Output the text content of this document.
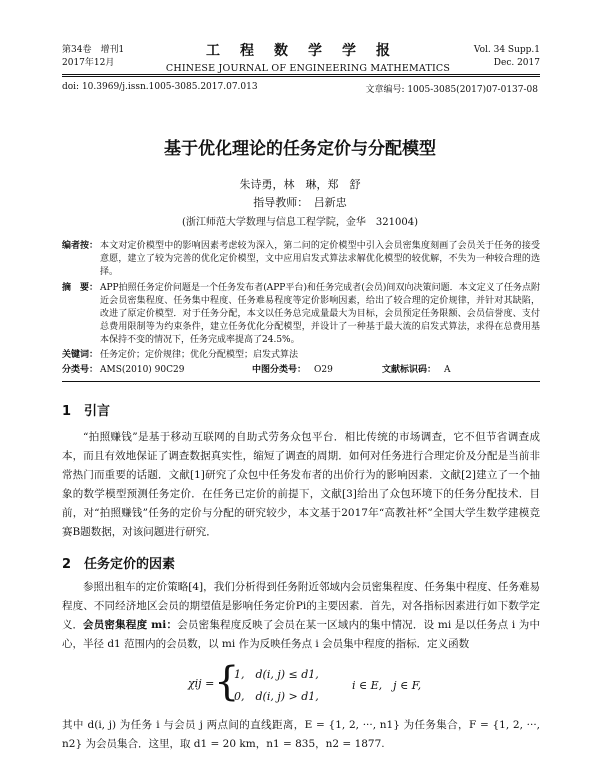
第34卷　增刊1
2017年12月
工程数学学报
CHINESE JOURNAL OF ENGINEERING MATHEMATICS
Vol. 34 Supp.1
Dec. 2017
doi: 10.3969/j.issn.1005-3085.2017.07.013	文章编号: 1005-3085(2017)07-0137-08
基于优化理论的任务定价与分配模型
朱诗勇，林　琳，郑　舒
指导教师：　吕新忠
(浙江师范大学数理与信息工程学院，金华　321004)
编者按： 本文对定价模型中的影响因素考虑较为深入，第二问的定价模型中引入会员密集度刻画了会员关于任务的接受意愿，建立了较为完善的优化定价模型，文中应用启发式算法求解优化模型的较优解，不失为一种较合理的选择。
摘　要： APP拍照任务定价问题是一个任务发布者(APP平台)和任务完成者(会员)间双向决策问题．本文定义了任务点附近会员密集程度、任务集中程度、任务难易程度等定价影响因素，给出了较合理的定价规律，并针对其缺陷，改进了原定价模型．对于任务分配，本文以任务总完成量最大为目标，会员预定任务限额、会员信誉度、支付总费用限制等为约束条件，建立任务优化分配模型，并设计了一种基于最大流的启发式算法，求得在总费用基本保持不变的情况下，任务完成率提高了24.5%。
关键词： 任务定价；定价规律；优化分配模型；启发式算法
分类号： AMS(2010) 90C29	中图分类号： O29	文献标识码： A
1 引言
“拍照赚钱”是基于移动互联网的自助式劳务众包平台．相比传统的市场调查，它不但节省调查成本，而且有效地保证了调查数据真实性，缩短了调查的周期．如何对任务进行合理定价及分配是当前非常热门而重要的话题．文献[1]研究了众包中任务发布者的出价行为的影响因素．文献[2]建立了一个抽象的数学模型预测任务定价．在任务已定价的前提下，文献[3]给出了众包环境下的任务分配技术．目前，对“拍照赚钱”任务的定价与分配的研究较少，本文基于2017年“高教社杯”全国大学生数学建模竞赛B题数据，对该问题进行研究．
2 任务定价的因素
参照出租车的定价策略[4]，我们分析得到任务附近邻域内会员密集程度、任务集中程度、任务难易程度、不同经济地区会员的期望值是影响任务定价Pi的主要因素．首先，对各指标因素进行如下数学定义． 会员密集程度 mi：会员密集程度反映了会员在某一区域内的集中情况．设 mi 是以任务点 i 为中心，半径 d1 范围内的会员数，以 mi 作为反映任务点 i 会员集中程度的指标．定义函数
χij = {
1,　d(i, j) ≤ d1,
0,　d(i, j) > d1,
i ∈ E,　j ∈ F,
其中 d(i, j) 为任务 i 与会员 j 两点间的直线距离，E = {1, 2, ···, n1} 为任务集合，F = {1, 2, ···, n2} 为会员集合．这里，取 d1 = 20 km，n1 = 835，n2 = 1877.
